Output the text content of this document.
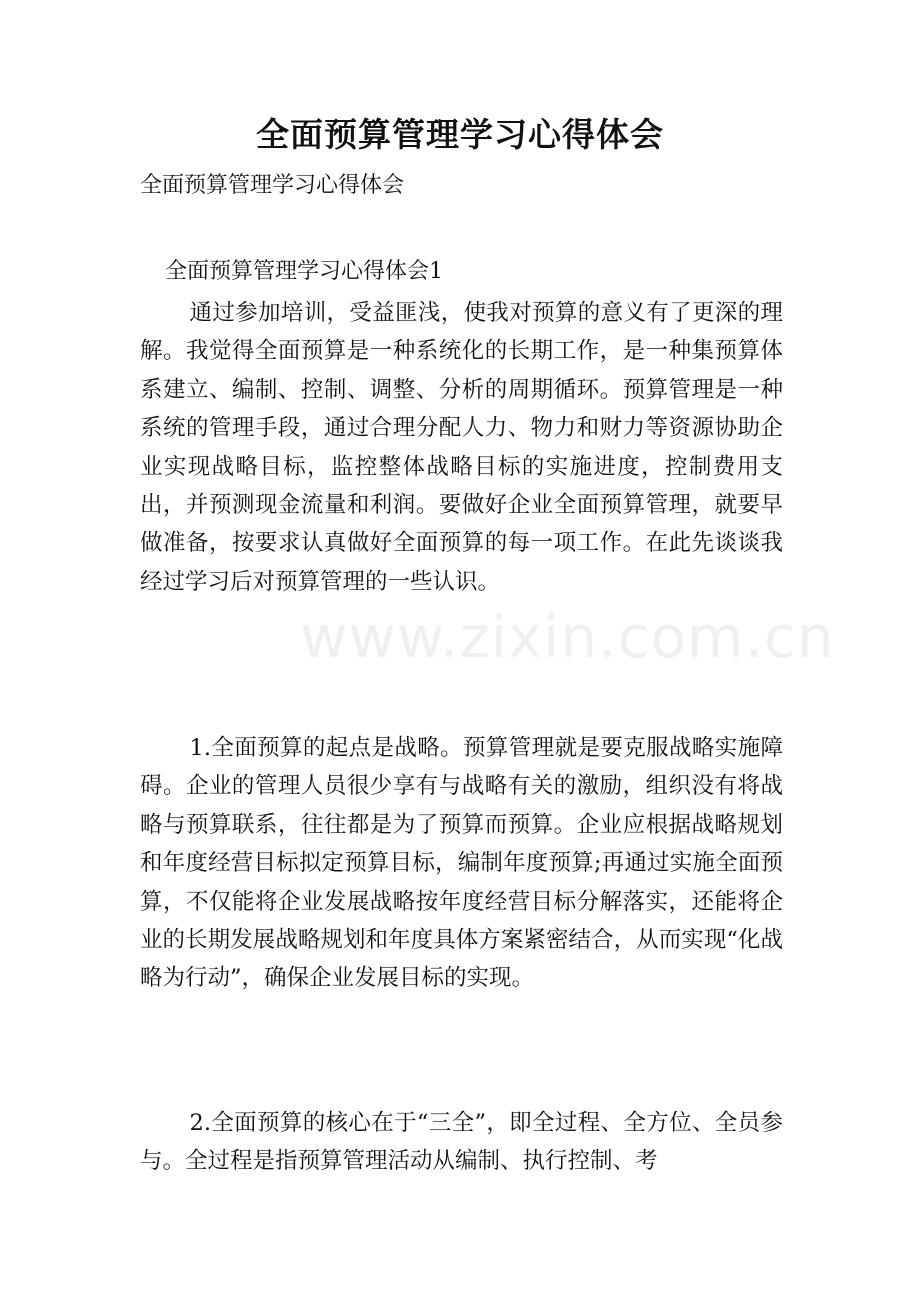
全面预算管理学习心得体会
全面预算管理学习心得体会
全面预算管理学习心得体会1

通过参加培训，受益匪浅，使我对预算的意义有了更深的理解。我觉得全面预算是一种系统化的长期工作，是一种集预算体系建立、编制、控制、调整、分析的周期循环。预算管理是一种系统的管理手段，通过合理分配人力、物力和财力等资源协助企业实现战略目标，监控整体战略目标的实施进度，控制费用支出，并预测现金流量和利润。要做好企业全面预算管理，就要早做准备，按要求认真做好全面预算的每一项工作。在此先谈谈我经过学习后对预算管理的一些认识。

1.全面预算的起点是战略。预算管理就是要克服战略实施障碍。企业的管理人员很少享有与战略有关的激励，组织没有将战略与预算联系，往往都是为了预算而预算。企业应根据战略规划和年度经营目标拟定预算目标，编制年度预算;再通过实施全面预算，不仅能将企业发展战略按年度经营目标分解落实，还能将企业的长期发展战略规划和年度具体方案紧密结合，从而实现“化战略为行动”，确保企业发展目标的实现。

2.全面预算的核心在于“三全”，即全过程、全方位、全员参与。全过程是指预算管理活动从编制、执行控制、考

www.zixin.com.cn
